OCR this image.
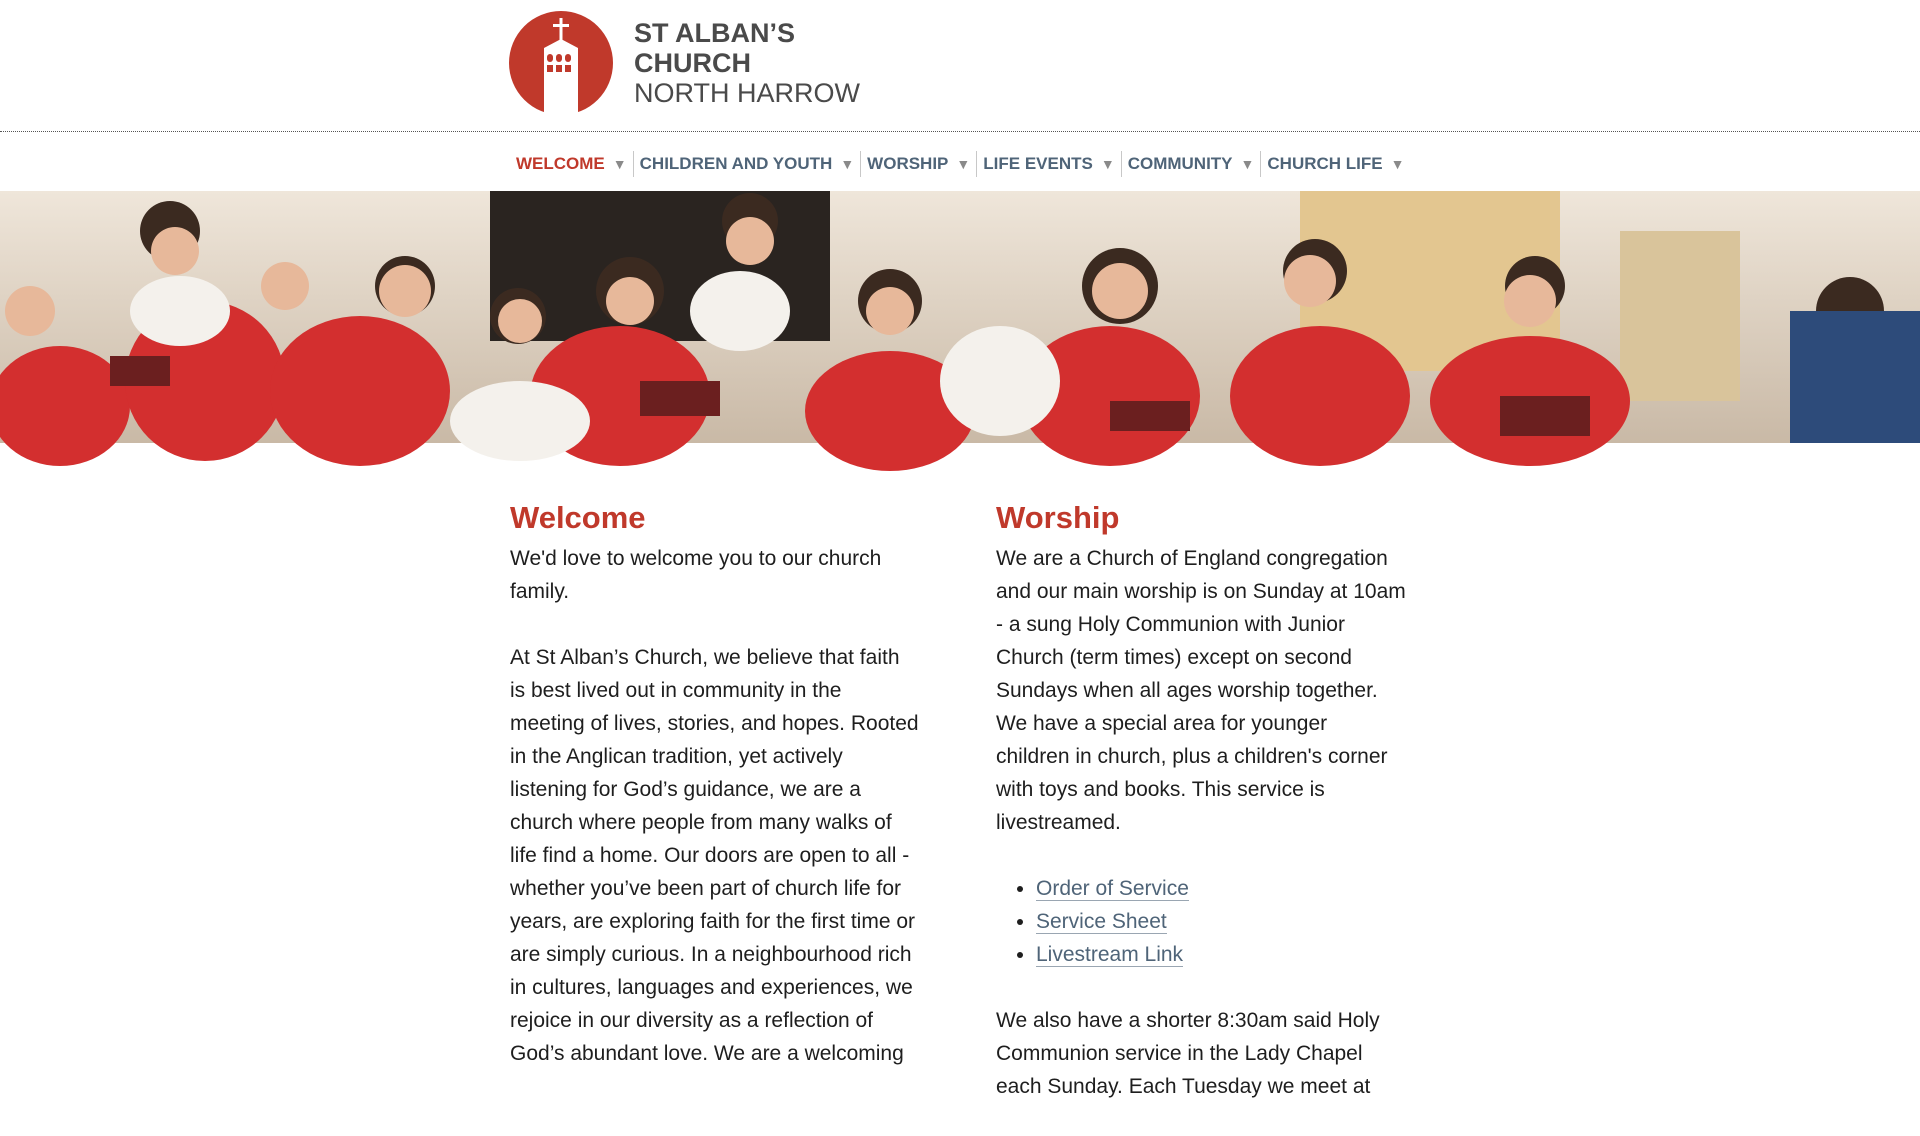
ST ALBAN’S
CHURCH
NORTH HARROW
WELCOME ▼ CHILDREN AND YOUTH ▼ WORSHIP ▼ LIFE EVENTS ▼ COMMUNITY ▼ CHURCH LIFE ▼
Welcome

We'd love to welcome you to our church family.

At St Alban’s Church, we believe that faith is best lived out in community in the meeting of lives, stories, and hopes. Rooted in the Anglican tradition, yet actively listening for God’s guidance, we are a church where people from many walks of life find a home. Our doors are open to all - whether you’ve been part of church life for years, are exploring faith for the first time or are simply curious. In a neighbourhood rich in cultures, languages and experiences, we rejoice in our diversity as a reflection of God’s abundant love. We are a welcoming

Worship

We are a Church of England congregation and our main worship is on Sunday at 10am - a sung Holy Communion with Junior Church (term times) except on second Sundays when all ages worship together. We have a special area for younger children in church, plus a children's corner with toys and books. This service is livestreamed.

• Order of Service
• Service Sheet
• Livestream Link

We also have a shorter 8:30am said Holy Communion service in the Lady Chapel each Sunday. Each Tuesday we meet at
